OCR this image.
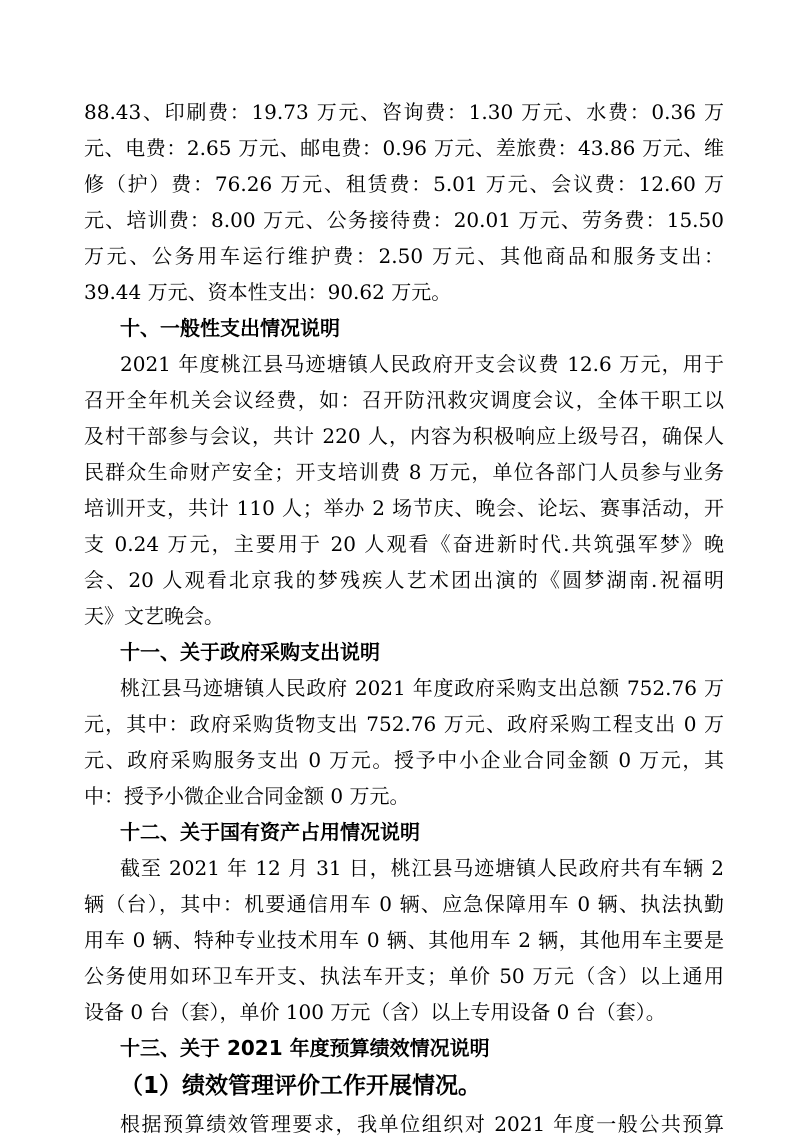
88.43、印刷费：19.73 万元、咨询费：1.30 万元、水费：0.36 万
元、电费：2.65 万元、邮电费：0.96 万元、差旅费：43.86 万元、维
修（护）费：76.26 万元、租赁费：5.01 万元、会议费：12.60 万
元、培训费：8.00 万元、公务接待费：20.01 万元、劳务费：15.50
万元、公务用车运行维护费：2.50 万元、其他商品和服务支出：
39.44 万元、资本性支出：90.62 万元。
十、一般性支出情况说明
2021 年度桃江县马迹塘镇人民政府开支会议费 12.6 万元，用于
召开全年机关会议经费，如：召开防汛救灾调度会议，全体干职工以
及村干部参与会议，共计 220 人，内容为积极响应上级号召，确保人
民群众生命财产安全；开支培训费 8 万元，单位各部门人员参与业务
培训开支，共计 110 人；举办 2 场节庆、晚会、论坛、赛事活动，开
支 0.24 万元，主要用于 20 人观看《奋进新时代.共筑强军梦》晚
会、20 人观看北京我的梦残疾人艺术团出演的《圆梦湖南.祝福明
天》文艺晚会。
十一、关于政府采购支出说明
桃江县马迹塘镇人民政府 2021 年度政府采购支出总额 752.76 万
元，其中：政府采购货物支出 752.76 万元、政府采购工程支出 0 万
元、政府采购服务支出 0 万元。授予中小企业合同金额 0 万元，其
中：授予小微企业合同金额 0 万元。
十二、关于国有资产占用情况说明
截至 2021 年 12 月 31 日，桃江县马迹塘镇人民政府共有车辆 2
辆（台），其中：机要通信用车 0 辆、应急保障用车 0 辆、执法执勤
用车 0 辆、特种专业技术用车 0 辆、其他用车 2 辆，其他用车主要是
公务使用如环卫车开支、执法车开支；单价 50 万元（含）以上通用
设备 0 台（套），单价 100 万元（含）以上专用设备 0 台（套）。
十三、关于 2021 年度预算绩效情况说明
（1）绩效管理评价工作开展情况。
根据预算绩效管理要求，我单位组织对 2021 年度一般公共预算
